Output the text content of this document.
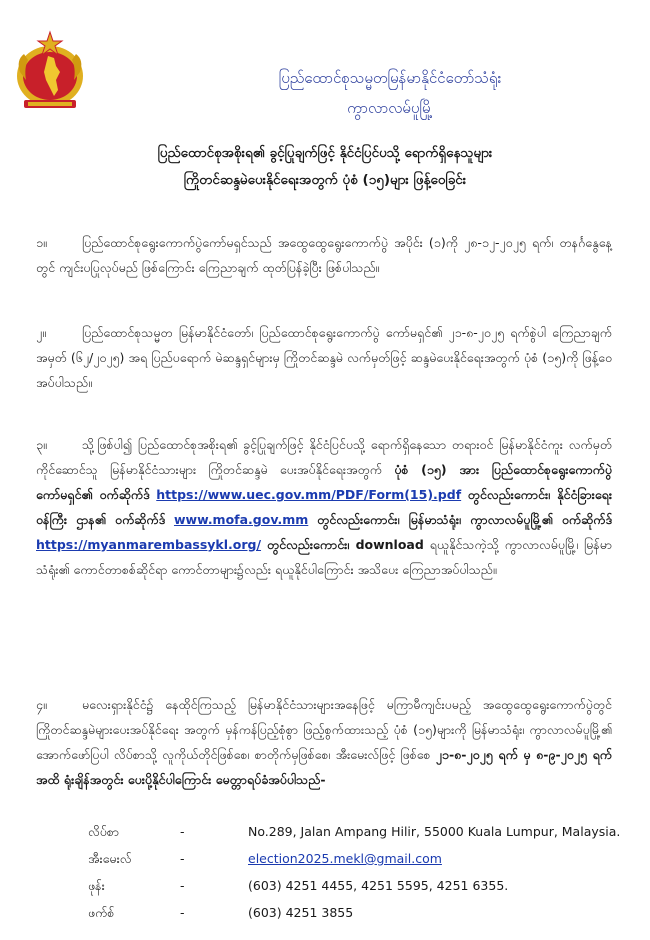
ပြည်ထောင်စုသမ္မတမြန်မာနိုင်ငံတော်သံရုံး
ကွာလာလမ်ပူမြို့
ပြည်ထောင်စုအစိုးရ၏ ခွင့်ပြုချက်ဖြင့် နိုင်ငံပြင်ပသို့ ရောက်ရှိနေသူများ
ကြိုတင်ဆန္ဒမဲပေးနိုင်ရေးအတွက် ပုံစံ (၁၅)များ ဖြန့်ဝေခြင်း
၁။	ပြည်ထောင်စုရွေးကောက်ပွဲကော်မရှင်သည် အထွေထွေရွေးကောက်ပွဲ အပိုင်း (၁)ကို ၂၈-၁၂-၂၀၂၅ ရက်၊ တနင်္ဂနွေနေ့တွင် ကျင်းပပြုလုပ်မည် ဖြစ်ကြောင်း ကြေညာချက် ထုတ်ပြန်ခဲ့ပြီး ဖြစ်ပါသည်။
၂။	ပြည်ထောင်စုသမ္မတ မြန်မာနိုင်ငံတော်၊ ပြည်ထောင်စုရွေးကောက်ပွဲ ကော်မရှင်၏ ၂၁-၈-၂၀၂၅ ရက်စွဲပါ ကြေညာချက်အမှတ် (၆၂/၂၀၂၅) အရ ပြည်ပရောက် မဲဆန္ဒရှင်များမှ ကြိုတင်ဆန္ဒမဲ လက်မှတ်ဖြင့် ဆန္ဒမဲပေးနိုင်ရေးအတွက် ပုံစံ (၁၅)ကို ဖြန့်ဝေအပ်ပါသည်။
၃။	သို့ဖြစ်ပါ၍ ပြည်ထောင်စုအစိုးရ၏ ခွင့်ပြုချက်ဖြင့် နိုင်ငံပြင်ပသို့ ရောက်ရှိနေသော တရားဝင် မြန်မာနိုင်ငံကူး လက်မှတ် ကိုင်ဆောင်သူ မြန်မာနိုင်ငံသားများ ကြိုတင်ဆန္ဒမဲ ပေးအပ်နိုင်ရေးအတွက် ပုံစံ (၁၅) အား ပြည်ထောင်စုရွေးကောက်ပွဲ ကော်မရှင်၏ ဝက်ဆိုက်ဒ် https://www.uec.gov.mm/PDF/Form(15).pdf တွင်လည်းကောင်း၊ နိုင်ငံခြားရေး ဝန်ကြီး ဌာန၏ ဝက်ဆိုက်ဒ် www.mofa.gov.mm တွင်လည်းကောင်း၊ မြန်မာသံရုံး၊ ကွာလာလမ်ပူမြို့၏ ဝက်ဆိုက်ဒ် https://myanmarembassykl.org/ တွင်လည်းကောင်း၊ download ရယူနိုင်သကဲ့သို့ ကွာလာလမ်ပူမြို့၊ မြန်မာသံရုံး၏ ကောင်တာစစ်ဆိုင်ရာ ကောင်တာများ၌လည်း ရယူနိုင်ပါကြောင်း အသိပေး ကြေညာအပ်ပါသည်။
၄။	မလေးရှားနိုင်ငံ၌ နေထိုင်ကြသည့် မြန်မာနိုင်ငံသားများအနေဖြင့် မကြာမီကျင်းပမည့် အထွေထွေရွေးကောက်ပွဲတွင် ကြိုတင်ဆန္ဒမဲများပေးအပ်နိုင်ရေး အတွက် မှန်ကန်ပြည့်စုံစွာ ဖြည့်စွက်ထားသည့် ပုံစံ (၁၅)များကို မြန်မာသံရုံး၊ ကွာလာလမ်ပူမြို့၏ အောက်ဖော်ပြပါ လိပ်စာသို့ လူကိုယ်တိုင်ဖြစ်စေ၊ စာတိုက်မှဖြစ်စေ၊ အီးမေးလ်ဖြင့် ဖြစ်စေ ၂၁-၈-၂၀၂၅ ရက် မှ ၈-၉-၂၀၂၅ ရက် အထိ ရုံးချိန်အတွင်း ပေးပို့နိုင်ပါကြောင်း မေတ္တာရပ်ခံအပ်ပါသည်-
လိပ်စာ	-	No.289, Jalan Ampang Hilir, 55000 Kuala Lumpur, Malaysia.
အီးမေးလ်	-	election2025.mekl@gmail.com
ဖုန်း	-	(603) 4251 4455, 4251 5595, 4251 6355.
ဖက်စ်	-	(603) 4251 3855
